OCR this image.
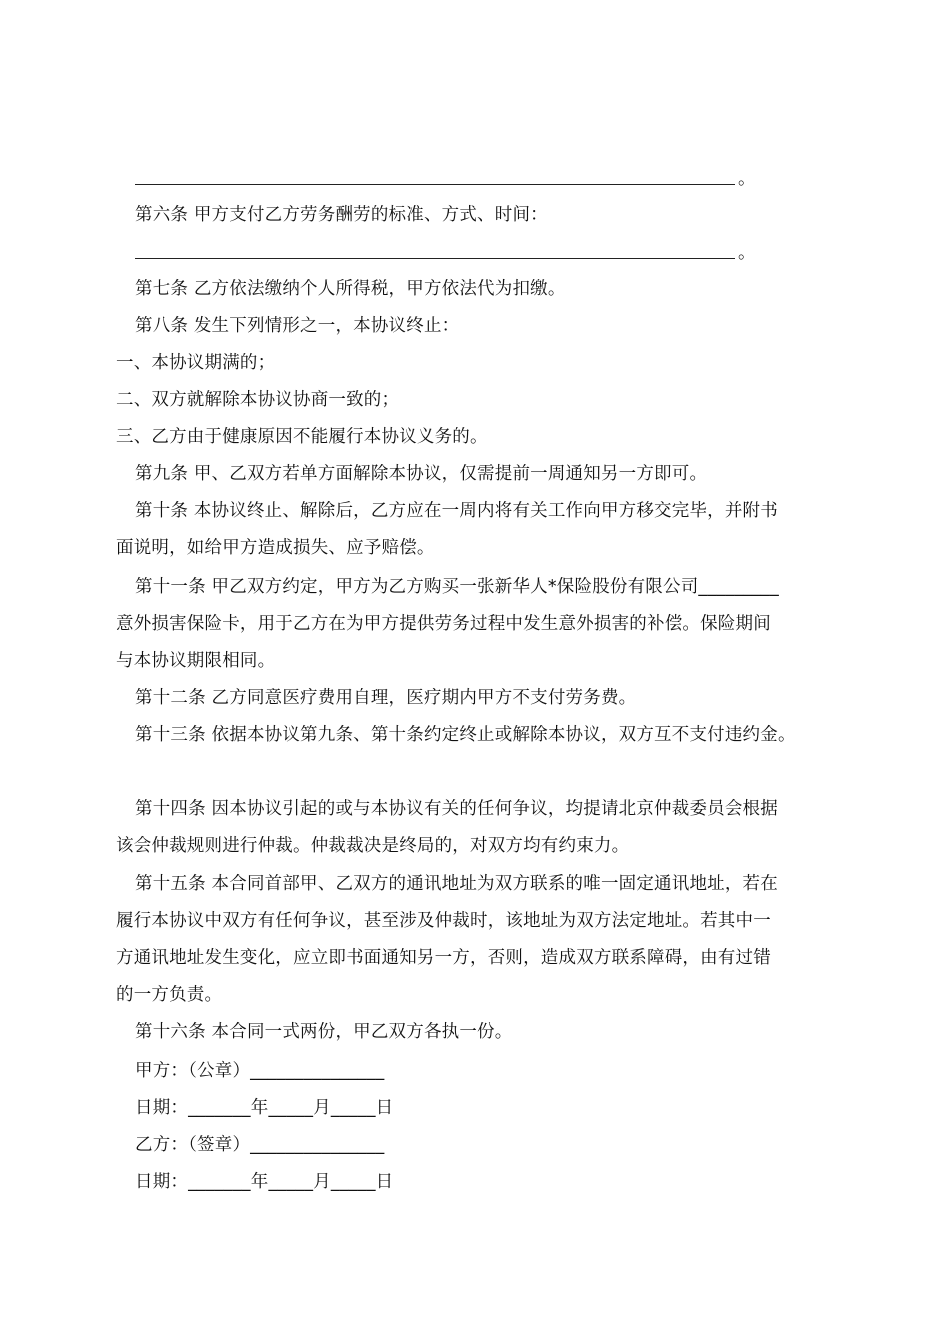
。
第六条 甲方支付乙方劳务酬劳的标准、方式、时间：
。
第七条 乙方依法缴纳个人所得税，甲方依法代为扣缴。
第八条 发生下列情形之一，本协议终止：
一、本协议期满的；
二、双方就解除本协议协商一致的；
三、乙方由于健康原因不能履行本协议义务的。
第九条 甲、乙双方若单方面解除本协议，仅需提前一周通知另一方即可。
第十条 本协议终止、解除后，乙方应在一周内将有关工作向甲方移交完毕，并附书
面说明，如给甲方造成损失、应予赔偿。
第十一条 甲乙双方约定，甲方为乙方购买一张新华人*保险股份有限公司_________
意外损害保险卡，用于乙方在为甲方提供劳务过程中发生意外损害的补偿。保险期间
与本协议期限相同。
第十二条 乙方同意医疗费用自理，医疗期内甲方不支付劳务费。
第十三条 依据本协议第九条、第十条约定终止或解除本协议，双方互不支付违约金。
第十四条 因本协议引起的或与本协议有关的任何争议，均提请北京仲裁委员会根据
该会仲裁规则进行仲裁。仲裁裁决是终局的，对双方均有约束力。
第十五条 本合同首部甲、乙双方的通讯地址为双方联系的唯一固定通讯地址，若在
履行本协议中双方有任何争议，甚至涉及仲裁时，该地址为双方法定地址。若其中一
方通讯地址发生变化，应立即书面通知另一方，否则，造成双方联系障碍，由有过错
的一方负责。
第十六条 本合同一式两份，甲乙双方各执一份。
甲方：（公章）_______________
日期：_______年_____月_____日
乙方：（签章）_______________
日期：_______年_____月_____日
